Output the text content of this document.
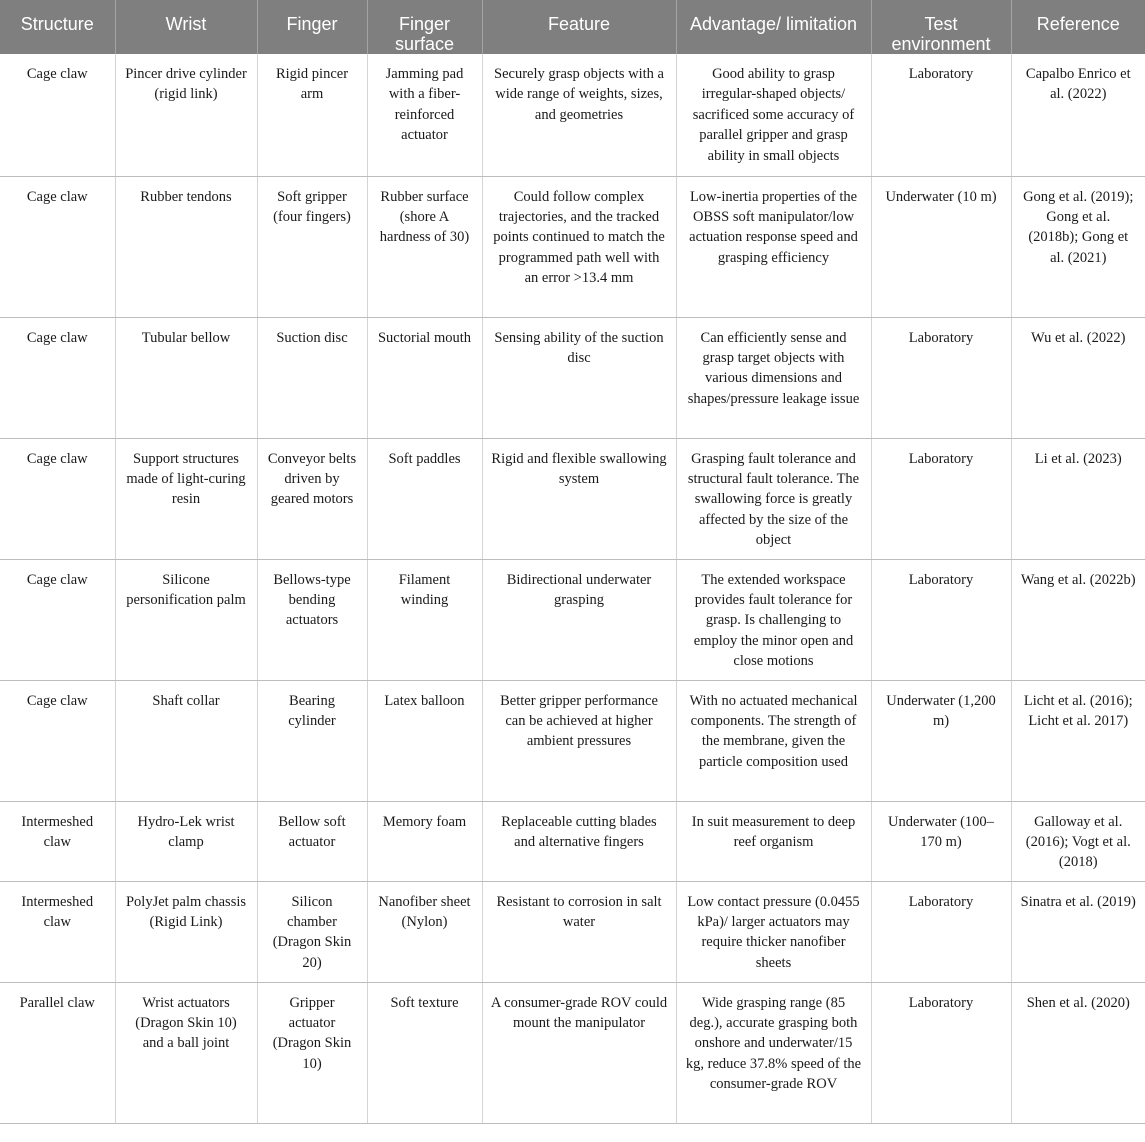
Structure	Wrist	Finger	Finger surface	Feature	Advantage/ limitation	Test environment	Reference
Cage claw	Pincer drive cylinder (rigid link)	Rigid pincer arm	Jamming pad with a fiber-reinforced actuator	Securely grasp objects with a wide range of weights, sizes, and geometries	Good ability to grasp irregular-shaped objects/ sacrificed some accuracy of parallel gripper and grasp ability in small objects	Laboratory	Capalbo Enrico et al. (2022)
Cage claw	Rubber tendons	Soft gripper (four fingers)	Rubber surface (shore A hardness of 30)	Could follow complex trajectories, and the tracked points continued to match the programmed path well with an error >13.4 mm	Low-inertia properties of the OBSS soft manipulator/low actuation response speed and grasping efficiency	Underwater (10 m)	Gong et al. (2019); Gong et al. (2018b); Gong et al. (2021)
Cage claw	Tubular bellow	Suction disc	Suctorial mouth	Sensing ability of the suction disc	Can efficiently sense and grasp target objects with various dimensions and shapes/pressure leakage issue	Laboratory	Wu et al. (2022)
Cage claw	Support structures made of light-curing resin	Conveyor belts driven by geared motors	Soft paddles	Rigid and flexible swallowing system	Grasping fault tolerance and structural fault tolerance. The swallowing force is greatly affected by the size of the object	Laboratory	Li et al. (2023)
Cage claw	Silicone personification palm	Bellows-type bending actuators	Filament winding	Bidirectional underwater grasping	The extended workspace provides fault tolerance for grasp. Is challenging to employ the minor open and close motions	Laboratory	Wang et al. (2022b)
Cage claw	Shaft collar	Bearing cylinder	Latex balloon	Better gripper performance can be achieved at higher ambient pressures	With no actuated mechanical components. The strength of the membrane, given the particle composition used	Underwater (1,200 m)	Licht et al. (2016); Licht et al. 2017)
Intermeshed claw	Hydro-Lek wrist clamp	Bellow soft actuator	Memory foam	Replaceable cutting blades and alternative fingers	In suit measurement to deep reef organism	Underwater (100–170 m)	Galloway et al. (2016); Vogt et al. (2018)
Intermeshed claw	PolyJet palm chassis (Rigid Link)	Silicon chamber (Dragon Skin 20)	Nanofiber sheet (Nylon)	Resistant to corrosion in salt water	Low contact pressure (0.0455 kPa)/ larger actuators may require thicker nanofiber sheets	Laboratory	Sinatra et al. (2019)
Parallel claw	Wrist actuators (Dragon Skin 10) and a ball joint	Gripper actuator (Dragon Skin 10)	Soft texture	A consumer-grade ROV could mount the manipulator	Wide grasping range (85 deg.), accurate grasping both onshore and underwater/15 kg, reduce 37.8% speed of the consumer-grade ROV	Laboratory	Shen et al. (2020)
